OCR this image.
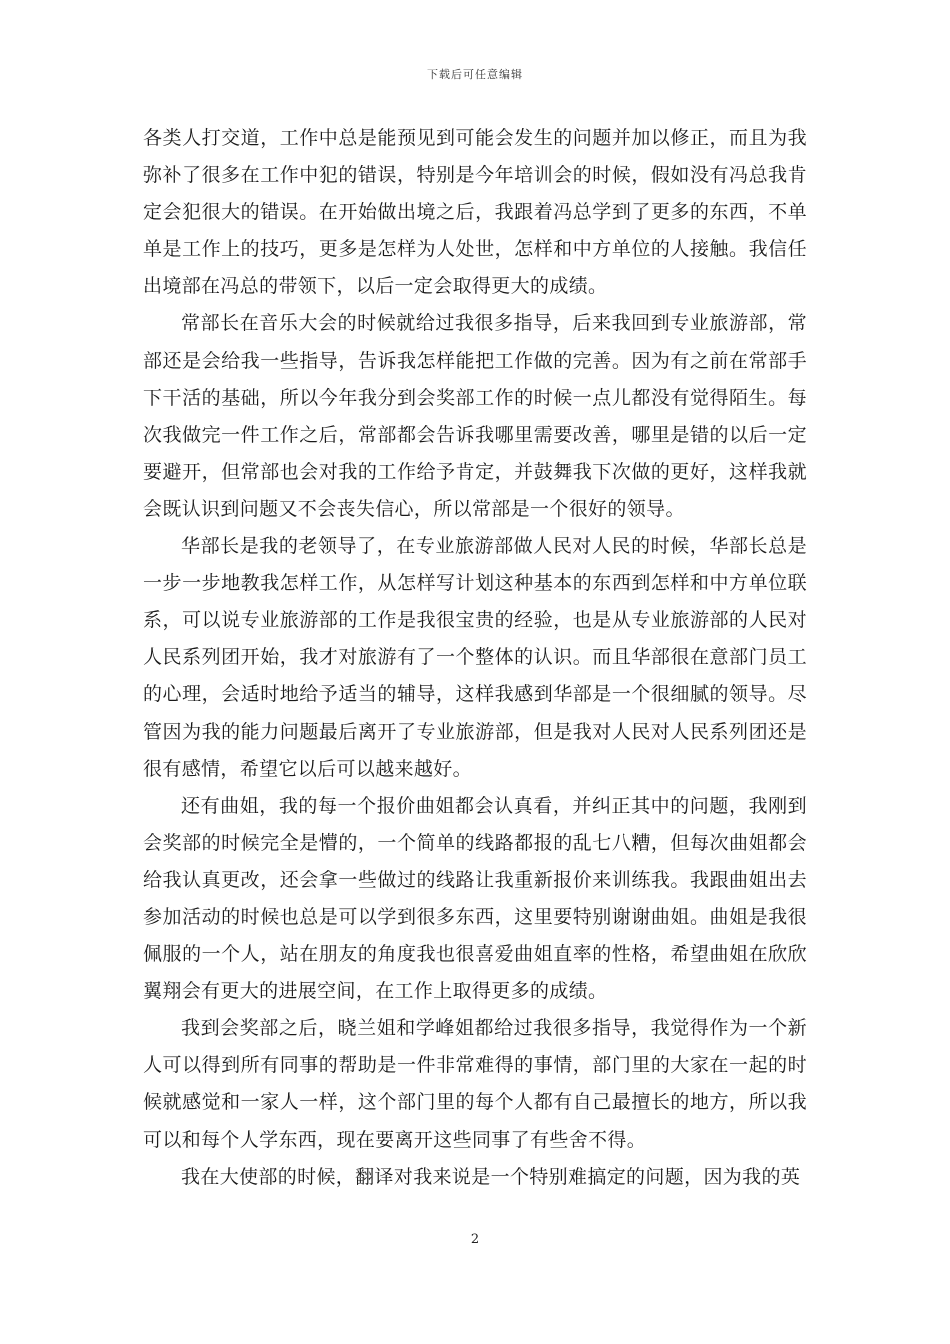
下载后可任意编辑

各类人打交道，工作中总是能预见到可能会发生的问题并加以修正，而且为我弥补了很多在工作中犯的错误，特别是今年培训会的时候，假如没有冯总我肯定会犯很大的错误。在开始做出境之后，我跟着冯总学到了更多的东西，不单单是工作上的技巧，更多是怎样为人处世，怎样和中方单位的人接触。我信任出境部在冯总的带领下，以后一定会取得更大的成绩。

常部长在音乐大会的时候就给过我很多指导，后来我回到专业旅游部，常部还是会给我一些指导，告诉我怎样能把工作做的完善。因为有之前在常部手下干活的基础，所以今年我分到会奖部工作的时候一点儿都没有觉得陌生。每次我做完一件工作之后，常部都会告诉我哪里需要改善，哪里是错的以后一定要避开，但常部也会对我的工作给予肯定，并鼓舞我下次做的更好，这样我就会既认识到问题又不会丧失信心，所以常部是一个很好的领导。

华部长是我的老领导了，在专业旅游部做人民对人民的时候，华部长总是一步一步地教我怎样工作，从怎样写计划这种基本的东西到怎样和中方单位联系，可以说专业旅游部的工作是我很宝贵的经验，也是从专业旅游部的人民对人民系列团开始，我才对旅游有了一个整体的认识。而且华部很在意部门员工的心理，会适时地给予适当的辅导，这样我感到华部是一个很细腻的领导。尽管因为我的能力问题最后离开了专业旅游部，但是我对人民对人民系列团还是很有感情，希望它以后可以越来越好。

还有曲姐，我的每一个报价曲姐都会认真看，并纠正其中的问题，我刚到会奖部的时候完全是懵的，一个简单的线路都报的乱七八糟，但每次曲姐都会给我认真更改，还会拿一些做过的线路让我重新报价来训练我。我跟曲姐出去参加活动的时候也总是可以学到很多东西，这里要特别谢谢曲姐。曲姐是我很佩服的一个人，站在朋友的角度我也很喜爱曲姐直率的性格，希望曲姐在欣欣翼翔会有更大的进展空间，在工作上取得更多的成绩。

我到会奖部之后，晓兰姐和学峰姐都给过我很多指导，我觉得作为一个新人可以得到所有同事的帮助是一件非常难得的事情，部门里的大家在一起的时候就感觉和一家人一样，这个部门里的每个人都有自己最擅长的地方，所以我可以和每个人学东西，现在要离开这些同事了有些舍不得。

我在大使部的时候，翻译对我来说是一个特别难搞定的问题，因为我的英

2
